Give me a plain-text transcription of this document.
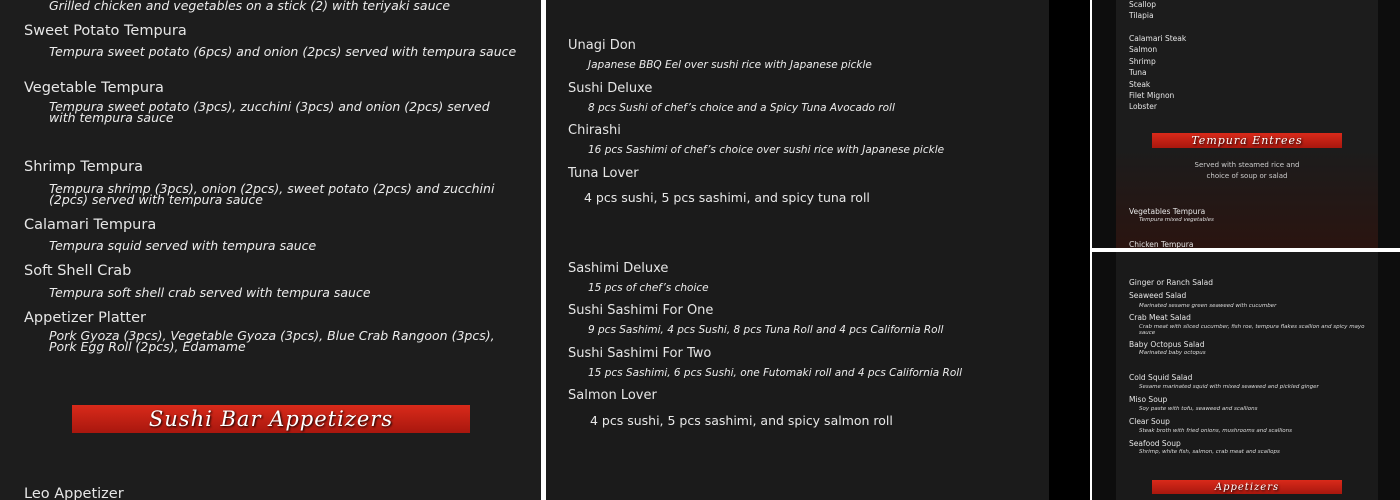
Grilled chicken and vegetables on a stick (2) with teriyaki sauce
Sweet Potato Tempura
Tempura sweet potato (6pcs) and onion (2pcs) served with tempura sauce
Vegetable Tempura
Tempura sweet potato (3pcs), zucchini (3pcs) and onion (2pcs) served with tempura sauce
Shrimp Tempura
Tempura shrimp (3pcs), onion (2pcs), sweet potato (2pcs) and zucchini (2pcs) served with tempura sauce
Calamari Tempura
Tempura squid served with tempura sauce
Soft Shell Crab
Tempura soft shell crab served with tempura sauce
Appetizer Platter
Pork Gyoza (3pcs), Vegetable Gyoza (3pcs), Blue Crab Rangoon (3pcs), Pork Egg Roll (2pcs), Edamame
Sushi Bar Appetizers
Leo Appetizer
Unagi Don
Japanese BBQ Eel over sushi rice with Japanese pickle
Sushi Deluxe
8 pcs Sushi of chef’s choice and a Spicy Tuna Avocado roll
Chirashi
16 pcs Sashimi of chef’s choice over sushi rice with Japanese pickle
Tuna Lover
4 pcs sushi, 5 pcs sashimi, and spicy tuna roll
Sashimi Deluxe
15 pcs of chef’s choice
Sushi Sashimi For One
9 pcs Sashimi, 4 pcs Sushi, 8 pcs Tuna Roll and 4 pcs California Roll
Sushi Sashimi For Two
15 pcs Sashimi, 6 pcs Sushi, one Futomaki roll and 4 pcs California Roll
Salmon Lover
4 pcs sushi, 5 pcs sashimi, and spicy salmon roll
Scallop
Tilapia
Calamari Steak
Salmon
Shrimp
Tuna
Steak
Filet Mignon
Lobster
Tempura Entrees
Served with steamed rice and
choice of soup or salad
Vegetables Tempura
Tempura mixed vegetables
Chicken Tempura
Ginger or Ranch Salad
Seaweed Salad
Marinated sesame green seaweed with cucumber
Crab Meat Salad
Crab meat with sliced cucumber, fish roe, tempura flakes scallion and spicy mayo sauce
Baby Octopus Salad
Marinated baby octopus
Cold Squid Salad
Sesame marinated squid with mixed seaweed and pickled ginger
Miso Soup
Soy paste with tofu, seaweed and scallions
Clear Soup
Steak broth with fried onions, mushrooms and scallions
Seafood Soup
Shrimp, white fish, salmon, crab meat and scallops
Appetizers
